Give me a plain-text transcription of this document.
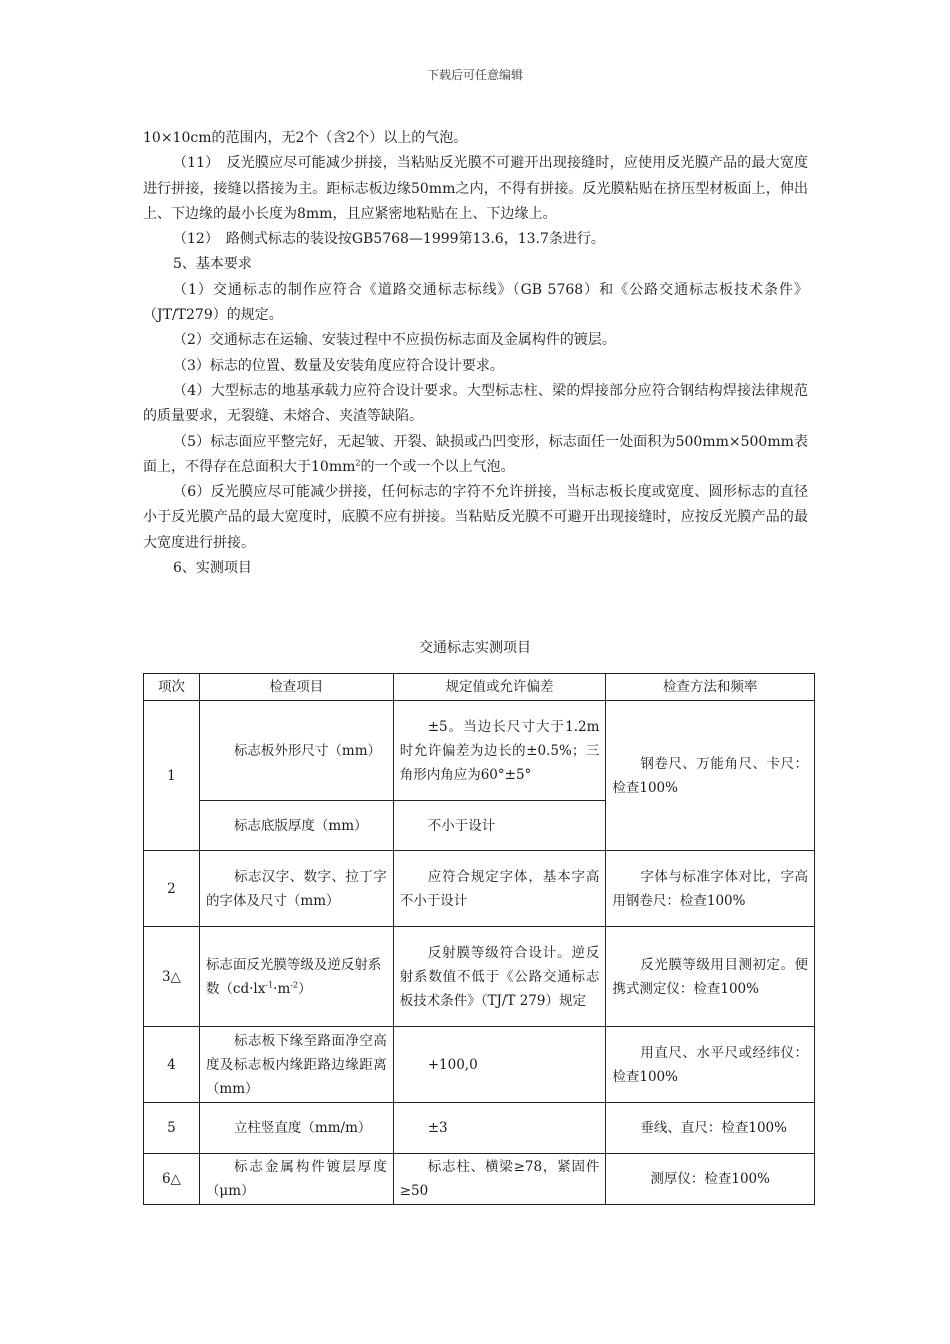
下载后可任意编辑

10×10cm的范围内，无2个（含2个）以上的气泡。

（11）　反光膜应尽可能减少拼接，当粘贴反光膜不可避开出现接缝时，应使用反光膜产品的最大宽度进行拼接，接缝以搭接为主。距标志板边缘50mm之内，不得有拼接。反光膜粘贴在挤压型材板面上，伸出上、下边缘的最小长度为8mm，且应紧密地粘贴在上、下边缘上。

（12）　路侧式标志的装设按GB5768—1999第13.6，13.7条进行。

5、基本要求

（1）交通标志的制作应符合《道路交通标志标线》（GB 5768）和《公路交通标志板技术条件》（JT/T279）的规定。

（2）交通标志在运输、安装过程中不应损伤标志面及金属构件的镀层。

（3）标志的位置、数量及安装角度应符合设计要求。

（4）大型标志的地基承载力应符合设计要求。大型标志柱、梁的焊接部分应符合钢结构焊接法律规范的质量要求，无裂缝、未熔合、夹渣等缺陷。

（5）标志面应平整完好，无起皱、开裂、缺损或凸凹变形，标志面任一处面积为500mm×500mm表面上，不得存在总面积大于$10mm^2$的一个或一个以上气泡。

（6）反光膜应尽可能减少拼接，任何标志的字符不允许拼接，当标志板长度或宽度、圆形标志的直径小于反光膜产品的最大宽度时，底膜不应有拼接。当粘贴反光膜不可避开出现接缝时，应按反光膜产品的最大宽度进行拼接。

6、实测项目

交通标志实测项目
项次	检查项目	规定值或允许偏差	检查方法和频率
1	标志板外形尺寸（mm）	±5。当边长尺寸大于1.2m时允许偏差为边长的±0.5%；三角形内角应为60°±5°	钢卷尺、万能角尺、卡尺：检查100%
	标志底版厚度（mm）	不小于设计	
2	标志汉字、数字、拉丁字的字体及尺寸（mm）	应符合规定字体，基本字高不小于设计	字体与标准字体对比，字高用钢卷尺：检查100%
3△	标志面反光膜等级及逆反射系数$(cd\cdot lx^{-1}\cdot m^{-2})$	反射膜等级符合设计。逆反射系数值不低于《公路交通标志板技术条件》（TJ/T 279）规定	反光膜等级用目测初定。便携式测定仪：检查100%
4	标志板下缘至路面净空高度及标志板内缘距路边缘距离（mm）	+100,0	用直尺、水平尺或经纬仪：检查100%
5	立柱竖直度（mm/m）	±3	垂线、直尺：检查100%
6△	标志金属构件镀层厚度（μm）	标志柱、横梁≥78，紧固件≥50	测厚仪：检查100%
